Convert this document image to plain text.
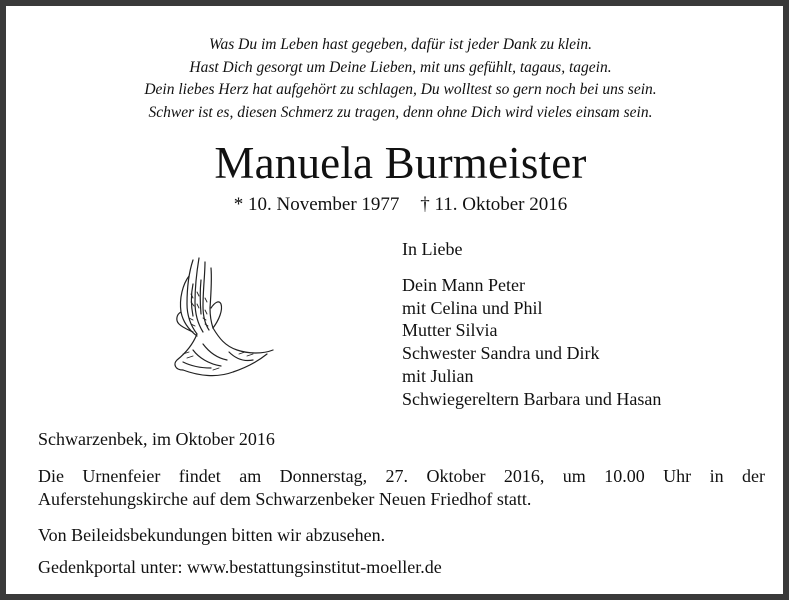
Was Du im Leben hast gegeben, dafür ist jeder Dank zu klein.
Hast Dich gesorgt um Deine Lieben, mit uns gefühlt, tagaus, tagein.
Dein liebes Herz hat aufgehört zu schlagen, Du wolltest so gern noch bei uns sein.
Schwer ist es, diesen Schmerz zu tragen, denn ohne Dich wird vieles einsam sein.
Manuela Burmeister
* 10. November 1977 † 11. Oktober 2016
In Liebe
Dein Mann Peter
mit Celina und Phil
Mutter Silvia
Schwester Sandra und Dirk
mit Julian
Schwiegereltern Barbara und Hasan
Schwarzenbek, im Oktober 2016
Die Urnenfeier findet am Donnerstag, 27. Oktober 2016, um 10.00 Uhr in der
Auferstehungskirche auf dem Schwarzenbeker Neuen Friedhof statt.
Von Beileidsbekundungen bitten wir abzusehen.
Gedenkportal unter: www.bestattungsinstitut-moeller.de
